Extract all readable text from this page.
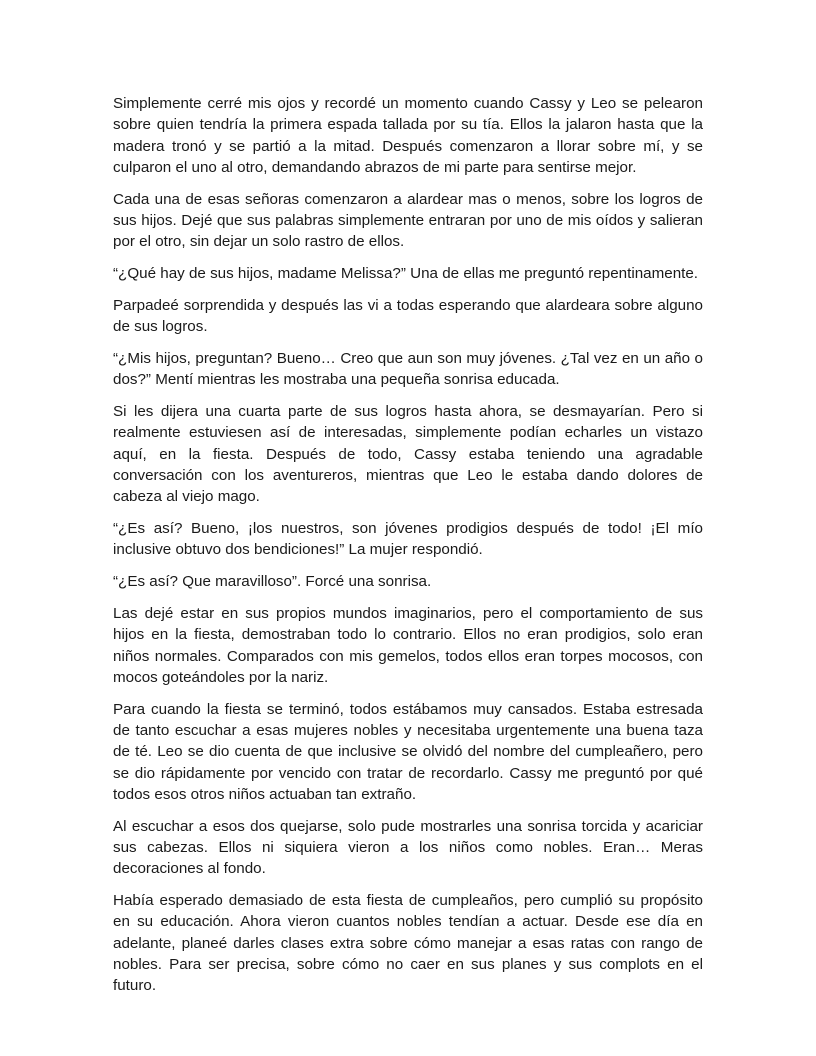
Simplemente cerré mis ojos y recordé un momento cuando Cassy y Leo se pelearon sobre quien tendría la primera espada tallada por su tía. Ellos la jalaron hasta que la madera tronó y se partió a la mitad. Después comenzaron a llorar sobre mí, y se culparon el uno al otro, demandando abrazos de mi parte para sentirse mejor.

Cada una de esas señoras comenzaron a alardear mas o menos, sobre los logros de sus hijos. Dejé que sus palabras simplemente entraran por uno de mis oídos y salieran por el otro, sin dejar un solo rastro de ellos.

“¿Qué hay de sus hijos, madame Melissa?” Una de ellas me preguntó repentinamente.

Parpadeé sorprendida y después las vi a todas esperando que alardeara sobre alguno de sus logros.

“¿Mis hijos, preguntan? Bueno… Creo que aun son muy jóvenes. ¿Tal vez en un año o dos?” Mentí mientras les mostraba una pequeña sonrisa educada.

Si les dijera una cuarta parte de sus logros hasta ahora, se desmayarían. Pero si realmente estuviesen así de interesadas, simplemente podían echarles un vistazo aquí, en la fiesta. Después de todo, Cassy estaba teniendo una agradable conversación con los aventureros, mientras que Leo le estaba dando dolores de cabeza al viejo mago.

“¿Es así? Bueno, ¡los nuestros, son jóvenes prodigios después de todo! ¡El mío inclusive obtuvo dos bendiciones!” La mujer respondió.

“¿Es así? Que maravilloso”. Forcé una sonrisa.

Las dejé estar en sus propios mundos imaginarios, pero el comportamiento de sus hijos en la fiesta, demostraban todo lo contrario. Ellos no eran prodigios, solo eran niños normales. Comparados con mis gemelos, todos ellos eran torpes mocosos, con mocos goteándoles por la nariz.

Para cuando la fiesta se terminó, todos estábamos muy cansados. Estaba estresada de tanto escuchar a esas mujeres nobles y necesitaba urgentemente una buena taza de té. Leo se dio cuenta de que inclusive se olvidó del nombre del cumpleañero, pero se dio rápidamente por vencido con tratar de recordarlo. Cassy me preguntó por qué todos esos otros niños actuaban tan extraño.

Al escuchar a esos dos quejarse, solo pude mostrarles una sonrisa torcida y acariciar sus cabezas. Ellos ni siquiera vieron a los niños como nobles. Eran… Meras decoraciones al fondo.

Había esperado demasiado de esta fiesta de cumpleaños, pero cumplió su propósito en su educación. Ahora vieron cuantos nobles tendían a actuar. Desde ese día en adelante, planeé darles clases extra sobre cómo manejar a esas ratas con rango de nobles. Para ser precisa, sobre cómo no caer en sus planes y sus complots en el futuro.
